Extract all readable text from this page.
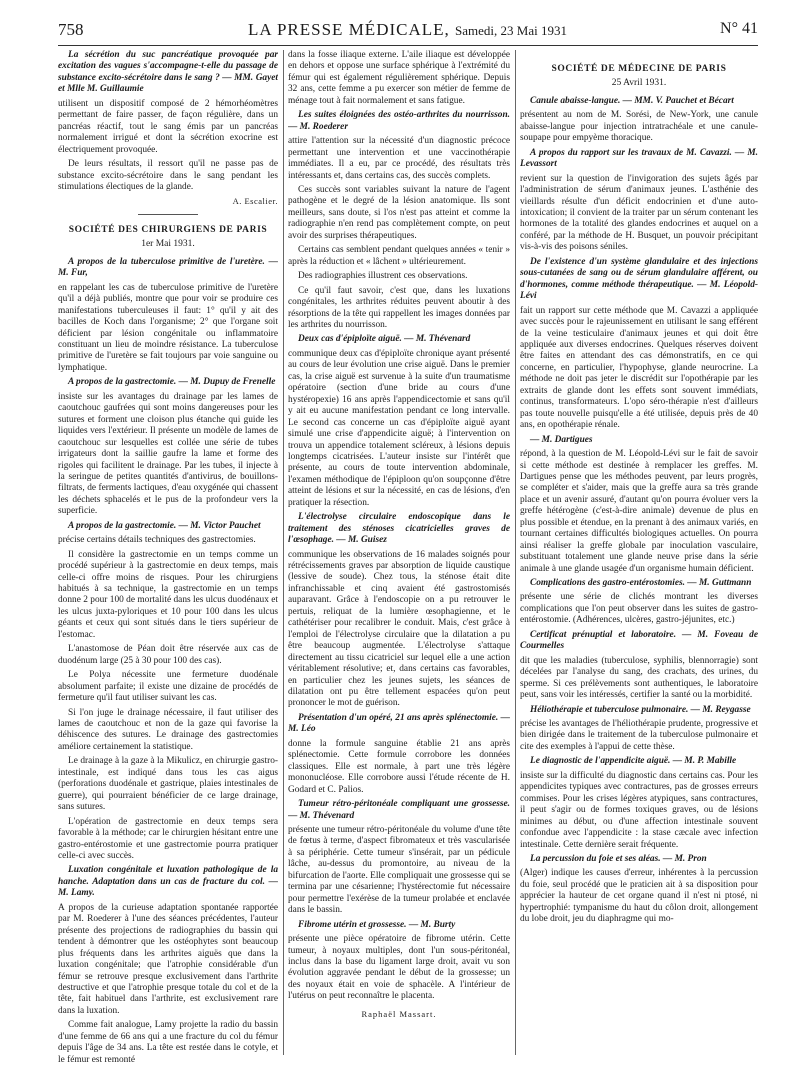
758	LA PRESSE MÉDICALE, Samedi, 23 Mai 1931	N° 41

La sécrétion du suc pancréatique provoquée par excitation des vagues s'accompagne-t-elle du passage de substance excito-sécrétoire dans le sang ? — MM. Gayet et Mlle M. Guillaumie

utilisent un dispositif composé de 2 hémorhéomètres permettant de faire passer, de façon régulière, dans un pancréas réactif, tout le sang émis par un pancréas normalement irrigué et dont la sécrétion exocrine est électriquement provoquée.

De leurs résultats, il ressort qu'il ne passe pas de substance excito-sécrétoire dans le sang pendant les stimulations électiques de la glande.

A. Escalier.
SOCIÉTÉ DES CHIRURGIENS DE PARIS
1er Mai 1931.

A propos de la tuberculose primitive de l'uretère. — M. Fur,

en rappelant les cas de tuberculose primitive de l'uretère qu'il a déjà publiés, montre que pour voir se produire ces manifestations tuberculeuses il faut: 1° qu'il y ait des bacilles de Koch dans l'organisme; 2° que l'organe soit déficient par lésion congénitale ou inflammatoire constituant un lieu de moindre résistance. La tuberculose primitive de l'uretère se fait toujours par voie sanguine ou lymphatique.

A propos de la gastrectomie. — M. Dupuy de Frenelle

insiste sur les avantages du drainage par les lames de caoutchouc gaufrées qui sont moins dangereuses pour les sutures et forment une cloison plus étanche qui guide les liquides vers l'extérieur. Il présente un modèle de lames de caoutchouc sur lesquelles est collée une série de tubes irrigateurs dont la saillie gaufre la lame et forme des rigoles qui facilitent le drainage. Par les tubes, il injecte à la seringue de petites quantités d'antivirus, de bouillons-filtrats, de ferments lactiques, d'eau oxygénée qui chassent les déchets sphacelés et le pus de la profondeur vers la superficie.

A propos de la gastrectomie. — M. Victor Pauchet

précise certains détails techniques des gastrectomies.

Il considère la gastrectomie en un temps comme un procédé supérieur à la gastrectomie en deux temps, mais celle-ci offre moins de risques. Pour les chirurgiens habitués à sa technique, la gastrectomie en un temps donne 2 pour 100 de mortalité dans les ulcus duodénaux et les ulcus juxta-pyloriques et 10 pour 100 dans les ulcus géants et ceux qui sont situés dans le tiers supérieur de l'estomac.

L'anastomose de Péan doit être réservée aux cas de duodénum large (25 à 30 pour 100 des cas).

Le Polya nécessite une fermeture duodénale absolument parfaite; il existe une dizaine de procédés de fermeture qu'il faut utiliser suivant les cas.

Si l'on juge le drainage nécessaire, il faut utiliser des lames de caoutchouc et non de la gaze qui favorise la déhiscence des sutures. Le drainage des gastrectomies améliore certainement la statistique.

Le drainage à la gaze à la Mikulicz, en chirurgie gastro-intestinale, est indiqué dans tous les cas aigus (perforations duodénale et gastrique, plaies intestinales de guerre), qui pourraient bénéficier de ce large drainage, sans sutures.

L'opération de gastrectomie en deux temps sera favorable à la méthode; car le chirurgien hésitant entre une gastro-entérostomie et une gastrectomie pourra pratiquer celle-ci avec succès.

Luxation congénitale et luxation pathologique de la hanche. Adaptation dans un cas de fracture du col. — M. Lamy.

A propos de la curieuse adaptation spontanée rapportée par M. Roederer à l'une des séances précédentes, l'auteur présente des projections de radiographies du bassin qui tendent à démontrer que les ostéophytes sont beaucoup plus fréquents dans les arthrites aiguës que dans la luxation congénitale; que l'atrophie considérable d'un fémur se retrouve presque exclusivement dans l'arthrite destructive et que l'atrophie presque totale du col et de la tête, fait habituel dans l'arthrite, est exclusivement rare dans la luxation.

Comme fait analogue, Lamy projette la radio du bassin d'une femme de 66 ans qui a une fracture du col du fémur depuis l'âge de 34 ans. La tête est restée dans le cotyle, et le fémur est remonté

dans la fosse iliaque externe. L'aile iliaque est développée en dehors et oppose une surface sphérique à l'extrémité du fémur qui est également régulièrement sphérique. Depuis 32 ans, cette femme a pu exercer son métier de femme de ménage tout à fait normalement et sans fatigue.

Les suites éloignées des ostéo-arthrites du nourrisson. — M. Roederer

attire l'attention sur la nécessité d'un diagnostic précoce permettant une intervention et une vaccinothérapie immédiates. Il a eu, par ce procédé, des résultats très intéressants et, dans certains cas, des succès complets.

Ces succès sont variables suivant la nature de l'agent pathogène et le degré de la lésion anatomique. Ils sont meilleurs, sans doute, si l'os n'est pas atteint et comme la radiographie n'en rend pas complètement compte, on peut avoir des surprises thérapeutiques.

Certains cas semblent pendant quelques années « tenir » après la réduction et « lâchent » ultérieurement.

Des radiographies illustrent ces observations.

Ce qu'il faut savoir, c'est que, dans les luxations congénitales, les arthrites réduites peuvent aboutir à des résorptions de la tête qui rappellent les images données par les arthrites du nourrisson.

Deux cas d'épiploïte aiguë. — M. Thévenard

communique deux cas d'épiploïte chronique ayant présenté au cours de leur évolution une crise aiguë. Dans le premier cas, la crise aiguë est survenue à la suite d'un traumatisme opératoire (section d'une bride au cours d'une hystéropexie) 16 ans après l'appendicectomie et sans qu'il y ait eu aucune manifestation pendant ce long intervalle. Le second cas concerne un cas d'épiploïte aiguë ayant simulé une crise d'appendicite aiguë; à l'intervention on trouva un appendice totalement scléreux, à lésions depuis longtemps cicatrisées. L'auteur insiste sur l'intérêt que présente, au cours de toute intervention abdominale, l'examen méthodique de l'épiploon qu'on soupçonne d'être atteint de lésions et sur la nécessité, en cas de lésions, d'en pratiquer la résection.

L'électrolyse circulaire endoscopique dans le traitement des sténoses cicatricielles graves de l'œsophage. — M. Guisez

communique les observations de 16 malades soignés pour rétrécissements graves par absorption de liquide caustique (lessive de soude). Chez tous, la sténose était dite infranchissable et cinq avaient été gastrostomisés auparavant. Grâce à l'endoscopie on a pu retrouver le pertuis, reliquat de la lumière œsophagienne, et le cathétériser pour recalibrer le conduit. Mais, c'est grâce à l'emploi de l'électrolyse circulaire que la dilatation a pu être beaucoup augmentée. L'électrolyse s'attaque directement au tissu cicatriciel sur lequel elle a une action véritablement résolutive; et, dans certains cas favorables, en particulier chez les jeunes sujets, les séances de dilatation ont pu être tellement espacées qu'on peut prononcer le mot de guérison.

Présentation d'un opéré, 21 ans après splénectomie. — M. Léo

donne la formule sanguine établie 21 ans après splénectomie. Cette formule corrobore les données classiques. Elle est normale, à part une très légère mononucléose. Elle corrobore aussi l'étude récente de H. Godard et C. Palios.

Tumeur rétro-péritonéale compliquant une grossesse. — M. Thévenard

présente une tumeur rétro-péritonéale du volume d'une tête de fœtus à terme, d'aspect fibromateux et très vascularisée à sa périphérie. Cette tumeur s'insérait, par un pédicule lâche, au-dessus du promontoire, au niveau de la bifurcation de l'aorte. Elle compliquait une grossesse qui se termina par une césarienne; l'hystérectomie fut nécessaire pour permettre l'exérèse de la tumeur prolabée et enclavée dans le bassin.

Fibrome utérin et grossesse. — M. Burty

présente une pièce opératoire de fibrome utérin. Cette tumeur, à noyaux multiples, dont l'un sous-péritonéal, inclus dans la base du ligament large droit, avait vu son évolution aggravée pendant le début de la grossesse; un des noyaux était en voie de sphacèle. A l'intérieur de l'utérus on peut reconnaître le placenta.

Raphaël Massart.
SOCIÉTÉ DE MÉDECINE DE PARIS
25 Avril 1931.

Canule abaisse-langue. — MM. V. Pauchet et Bécart

présentent au nom de M. Sorési, de New-York, une canule abaisse-langue pour injection intratrachéale et une canule-soupape pour empyème thoracique.

A propos du rapport sur les travaux de M. Cavazzi. — M. Levassort

revient sur la question de l'invigoration des sujets âgés par l'administration de sérum d'animaux jeunes. L'asthénie des vieillards résulte d'un déficit endocrinien et d'une auto-intoxication; il convient de la traiter par un sérum contenant les hormones de la totalité des glandes endocrines et auquel on a conféré, par la méthode de H. Busquet, un pouvoir précipitant vis-à-vis des poisons séniles.

De l'existence d'un système glandulaire et des injections sous-cutanées de sang ou de sérum glandulaire afférent, ou d'hormones, comme méthode thérapeutique. — M. Léopold-Lévi

fait un rapport sur cette méthode que M. Cavazzi a appliquée avec succès pour le rajeunissement en utilisant le sang efférent de la veine testiculaire d'animaux jeunes et qui doit être appliquée aux diverses endocrines. Quelques réserves doivent être faites en attendant des cas démonstratifs, en ce qui concerne, en particulier, l'hypophyse, glande neurocrine. La méthode ne doit pas jeter le discrédit sur l'opothérapie par les extraits de glande dont les effets sont souvent immédiats, continus, transformateurs. L'opo séro-thérapie n'est d'ailleurs pas toute nouvelle puisqu'elle a été utilisée, depuis près de 40 ans, en opothérapie rénale.

— M. Dartigues

répond, à la question de M. Léopold-Lévi sur le fait de savoir si cette méthode est destinée à remplacer les greffes. M. Dartigues pense que les méthodes peuvent, par leurs progrès, se compléter et s'aider, mais que la greffe aura sa très grande place et un avenir assuré, d'autant qu'on pourra évoluer vers la greffe hétérogène (c'est-à-dire animale) devenue de plus en plus possible et étendue, en la prenant à des animaux variés, en tournant certaines difficultés biologiques actuelles. On pourra ainsi réaliser la greffe globale par inoculation vasculaire, substituant totalement une glande neuve prise dans la série animale à une glande usagée d'un organisme humain déficient.

Complications des gastro-entérostomies. — M. Guttmann

présente une série de clichés montrant les diverses complications que l'on peut observer dans les suites de gastro-entérostomie. (Adhérences, ulcères, gastro-jéjunites, etc.)

Certificat prénuptial et laboratoire. — M. Foveau de Courmelles

dit que les maladies (tuberculose, syphilis, blennorragie) sont décelées par l'analyse du sang, des crachats, des urines, du sperme. Si ces prélèvements sont authentiques, le laboratoire peut, sans voir les intéressés, certifier la santé ou la morbidité.

Héliothérapie et tuberculose pulmonaire. — M. Reygasse

précise les avantages de l'héliothérapie prudente, progressive et bien dirigée dans le traitement de la tuberculose pulmonaire et cite des exemples à l'appui de cette thèse.

Le diagnostic de l'appendicite aiguë. — M. P. Mabille

insiste sur la difficulté du diagnostic dans certains cas. Pour les appendicites typiques avec contractures, pas de grosses erreurs commises. Pour les crises légères atypiques, sans contractures, il peut s'agir ou de formes toxiques graves, ou de lésions minimes au début, ou d'une affection intestinale souvent confondue avec l'appendicite : la stase cæcale avec infection intestinale. Cette dernière serait fréquente.

La percussion du foie et ses aléas. — M. Pron

(Alger) indique les causes d'erreur, inhérentes à la percussion du foie, seul procédé que le praticien ait à sa disposition pour apprécier la hauteur de cet organe quand il n'est ni ptosé, ni hypertrophié: tympanisme du haut du côlon droit, allongement du lobe droit, jeu du diaphragme qui mo-
